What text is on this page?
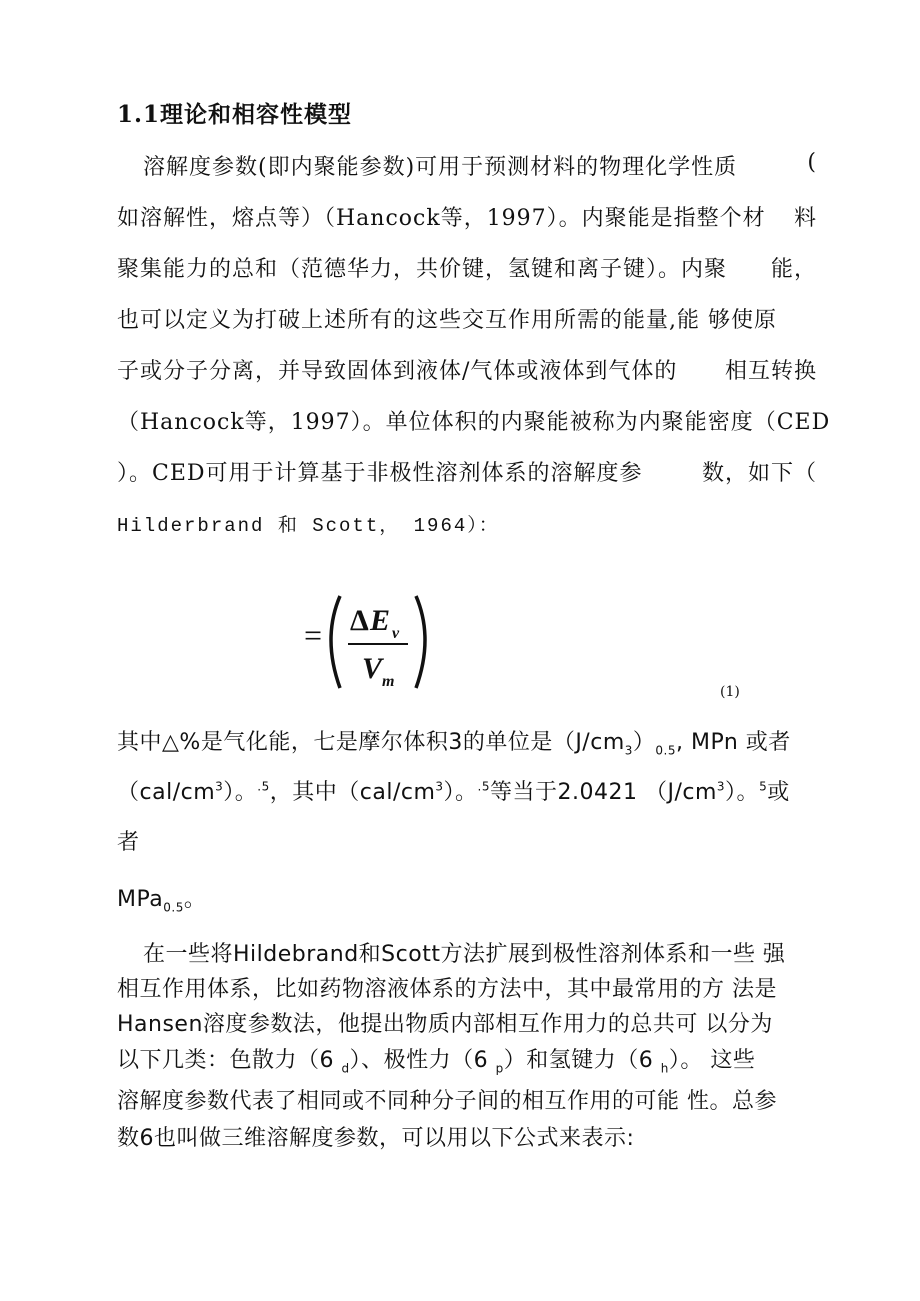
1.1理论和相容性模型
溶解度参数(即内聚能参数)可用于预测材料的物理化学性质	(
如溶解性，熔点等）（Hancock等，1997）。内聚能是指整个材 料
聚集能力的总和（范德华力，共价键，氢键和离子键）。内聚 能，
也可以定义为打破上述所有的这些交互作用所需的能量,能 够使原
子或分子分离，并导致固体到液体/气体或液体到气体的 相互转换
（Hancock等，1997）。单位体积的内聚能被称为内聚 能密度（CED
）。CED可用于计算基于非极性溶剂体系的溶解度参	数，如下（
Hilderbrand 和 Scott， 1964）：
= Δ E v
V m
(1)
其中△%是气化能，七是摩尔体积3的单位是$(J/cm_3)_{0.5}$, MPn 或者
$(cal/cm^3)$。$^{.5}$，其中$(cal/cm^3)$。$^{.5}$等当于2.0421 $(J/cm^3)$。$^5$或
者
MPa$_{0.5}$。
在一些将Hildebrand和Scott方法扩展到极性溶剂体系和一些 强
相互作用体系，比如药物溶液体系的方法中，其中最常用的方 法是
Hansen溶度参数法，他提出物质内部相互作用力的总共可 以分为
以下几类：色散力（6 $_d$）、极性力（6 $_p$）和氢键力（6 $_h$）。 这些
溶解度参数代表了相同或不同种分子间的相互作用的可能 性。总参
数6也叫做三维溶解度参数，可以用以下公式来表示:
